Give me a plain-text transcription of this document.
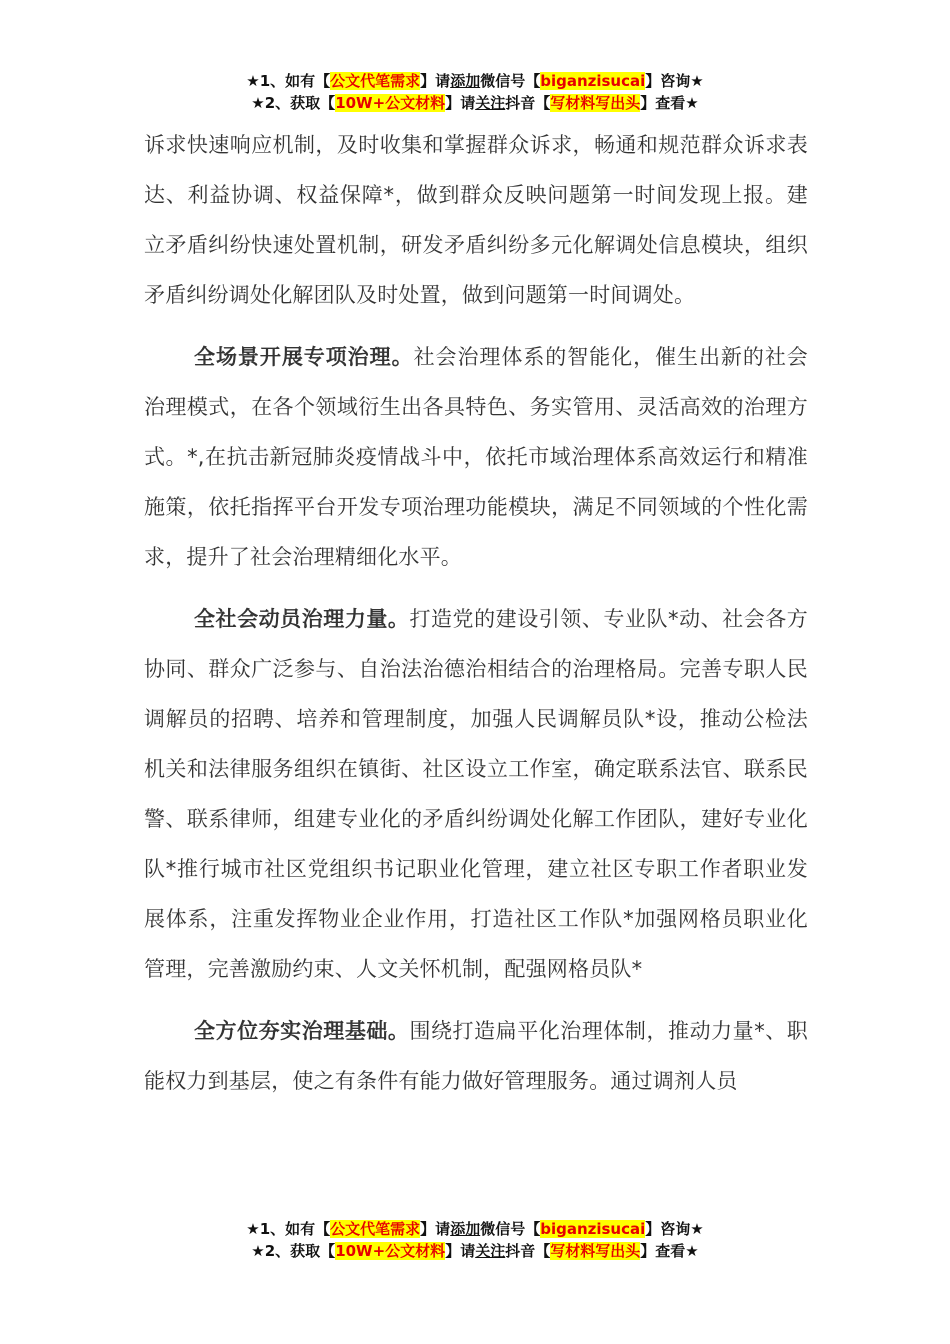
★1、如有【公文代笔需求】请添加微信号【biganzisucai】咨询★
★2、获取【10W+公文材料】请关注抖音【写材料写出头】查看★

诉求快速响应机制，及时收集和掌握群众诉求，畅通和规范群众诉求表达、利益协调、权益保障*，做到群众反映问题第一时间发现上报。建立矛盾纠纷快速处置机制，研发矛盾纠纷多元化解调处信息模块，组织矛盾纠纷调处化解团队及时处置，做到问题第一时间调处。

全场景开展专项治理。社会治理体系的智能化，催生出新的社会治理模式，在各个领域衍生出各具特色、务实管用、灵活高效的治理方式。*,在抗击新冠肺炎疫情战斗中，依托市域治理体系高效运行和精准施策，依托指挥平台开发专项治理功能模块，满足不同领域的个性化需求，提升了社会治理精细化水平。

全社会动员治理力量。打造党的建设引领、专业队*动、社会各方协同、群众广泛参与、自治法治德治相结合的治理格局。完善专职人民调解员的招聘、培养和管理制度，加强人民调解员队*设，推动公检法机关和法律服务组织在镇街、社区设立工作室，确定联系法官、联系民警、联系律师，组建专业化的矛盾纠纷调处化解工作团队，建好专业化队*推行城市社区党组织书记职业化管理，建立社区专职工作者职业发展体系，注重发挥物业企业作用，打造社区工作队*加强网格员职业化管理，完善激励约束、人文关怀机制，配强网格员队*

全方位夯实治理基础。围绕打造扁平化治理体制，推动力量*、职能权力到基层，使之有条件有能力做好管理服务。通过调剂人员

★1、如有【公文代笔需求】请添加微信号【biganzisucai】咨询★
★2、获取【10W+公文材料】请关注抖音【写材料写出头】查看★
